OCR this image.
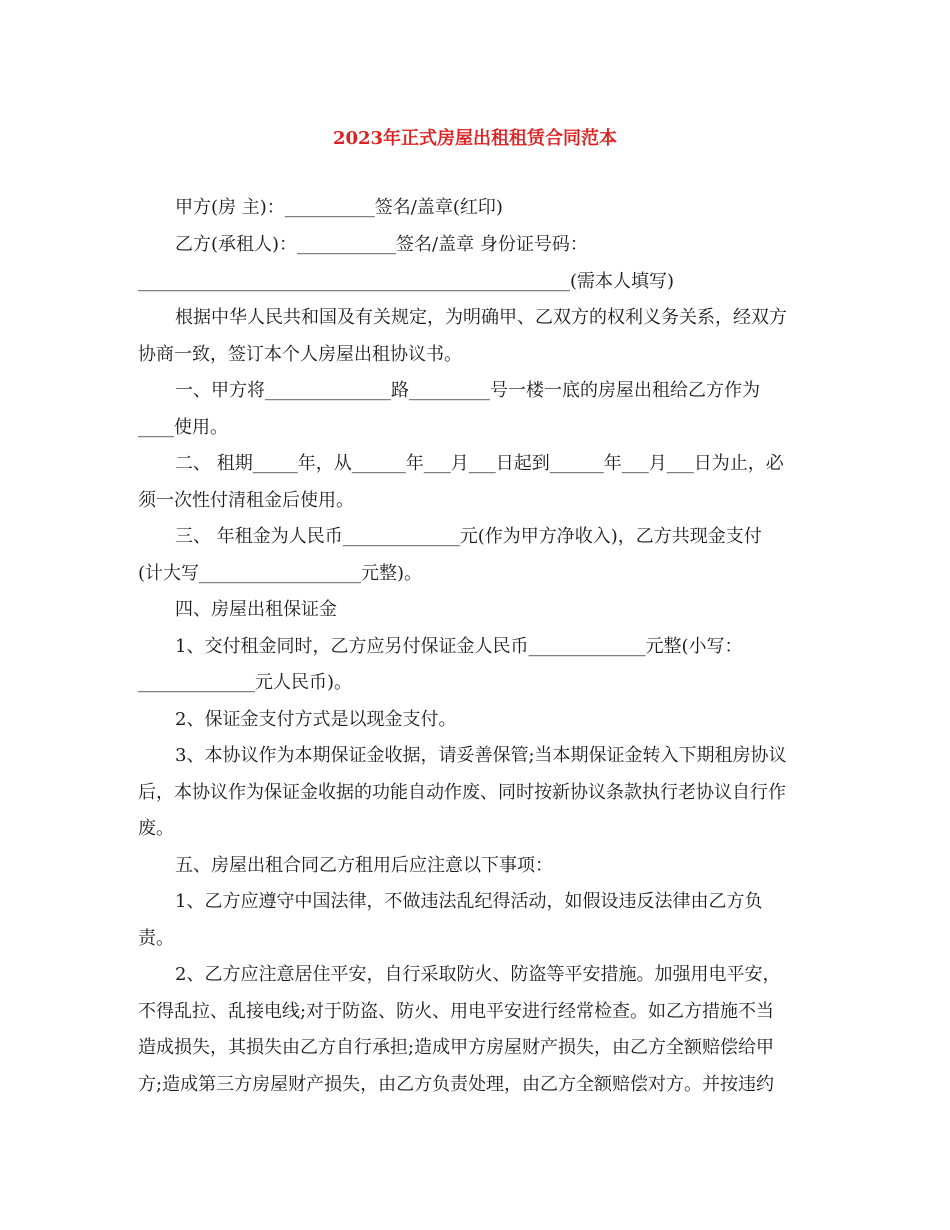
2023年正式房屋出租租赁合同范本

甲方(房 主)：__________签名/盖章(红印)

乙方(承租人)：___________签名/盖章 身份证号码：

________________________________________________(需本人填写)

根据中华人民共和国及有关规定，为明确甲、乙双方的权利义务关系，经双方

协商一致，签订本个人房屋出租协议书。

一、甲方将______________路_________号一楼一底的房屋出租给乙方作为

____使用。

二、 租期_____年，从______年___月___日起到______年___月___日为止，必

须一次性付清租金后使用。

三、 年租金为人民币_____________元(作为甲方净收入)，乙方共现金支付

(计大写__________________元整)。

四、房屋出租保证金

1、交付租金同时，乙方应另付保证金人民币_____________元整(小写：

_____________元人民币)。

2、保证金支付方式是以现金支付。

3、本协议作为本期保证金收据，请妥善保管;当本期保证金转入下期租房协议

后，本协议作为保证金收据的功能自动作废、同时按新协议条款执行老协议自行作

废。

五、房屋出租合同乙方租用后应注意以下事项：

1、乙方应遵守中国法律，不做违法乱纪得活动，如假设违反法律由乙方负

责。

2、乙方应注意居住平安，自行采取防火、防盗等平安措施。加强用电平安，

不得乱拉、乱接电线;对于防盗、防火、用电平安进行经常检查。如乙方措施不当

造成损失，其损失由乙方自行承担;造成甲方房屋财产损失，由乙方全额赔偿给甲

方;造成第三方房屋财产损失，由乙方负责处理，由乙方全额赔偿对方。并按违约
